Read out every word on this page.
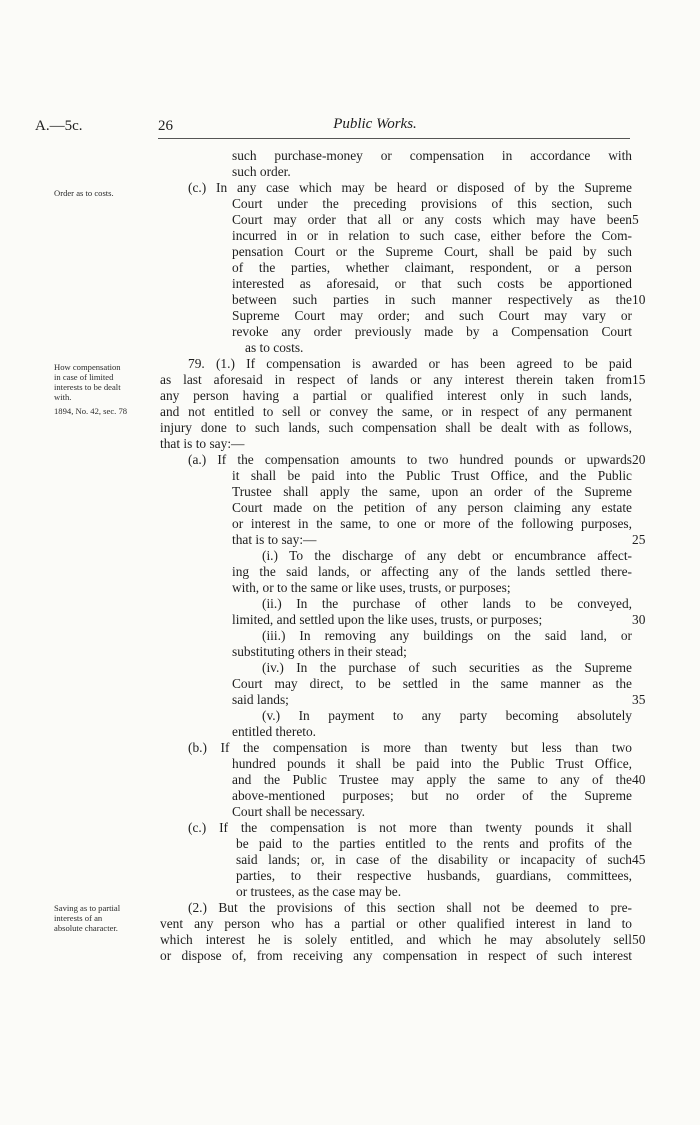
A.—5c.	26	Public Works.
Order as to costs.
How compensation
in case of limited
interests to be dealt
with.
1894, No. 42, sec. 78
Saving as to partial
interests of an
absolute character.
such purchase-money or compensation in accordance with
such order.
(c.) In any case which may be heard or disposed of by the Supreme
Court under the preceding provisions of this section, such
Court may order that all or any costs which may have been
incurred in or in relation to such case, either before the Com-
pensation Court or the Supreme Court, shall be paid by such
of the parties, whether claimant, respondent, or a person
interested as aforesaid, or that such costs be apportioned
between such parties in such manner respectively as the
Supreme Court may order; and such Court may vary or
revoke any order previously made by a Compensation Court
as to costs.
79. (1.) If compensation is awarded or has been agreed to be paid
as last aforesaid in respect of lands or any interest therein taken from
any person having a partial or qualified interest only in such lands,
and not entitled to sell or convey the same, or in respect of any permanent
injury done to such lands, such compensation shall be dealt with as follows,
that is to say:—
(a.) If the compensation amounts to two hundred pounds or upwards
it shall be paid into the Public Trust Office, and the Public
Trustee shall apply the same, upon an order of the Supreme
Court made on the petition of any person claiming any estate
or interest in the same, to one or more of the following purposes,
that is to say:—
(i.) To the discharge of any debt or encumbrance affect-
ing the said lands, or affecting any of the lands settled there-
with, or to the same or like uses, trusts, or purposes;
(ii.) In the purchase of other lands to be conveyed,
limited, and settled upon the like uses, trusts, or purposes;
(iii.) In removing any buildings on the said land, or
substituting others in their stead;
(iv.) In the purchase of such securities as the Supreme
Court may direct, to be settled in the same manner as the
said lands;
(v.) In payment to any party becoming absolutely
entitled thereto.
(b.) If the compensation is more than twenty but less than two
hundred pounds it shall be paid into the Public Trust Office,
and the Public Trustee may apply the same to any of the
above-mentioned purposes; but no order of the Supreme
Court shall be necessary.
(c.) If the compensation is not more than twenty pounds it shall
be paid to the parties entitled to the rents and profits of the
said lands; or, in case of the disability or incapacity of such
parties, to their respective husbands, guardians, committees,
or trustees, as the case may be.
(2.) But the provisions of this section shall not be deemed to pre-
vent any person who has a partial or other qualified interest in land to
which interest he is solely entitled, and which he may absolutely sell
or dispose of, from receiving any compensation in respect of such interest
5
10
15
20
25
30
35
40
45
50
